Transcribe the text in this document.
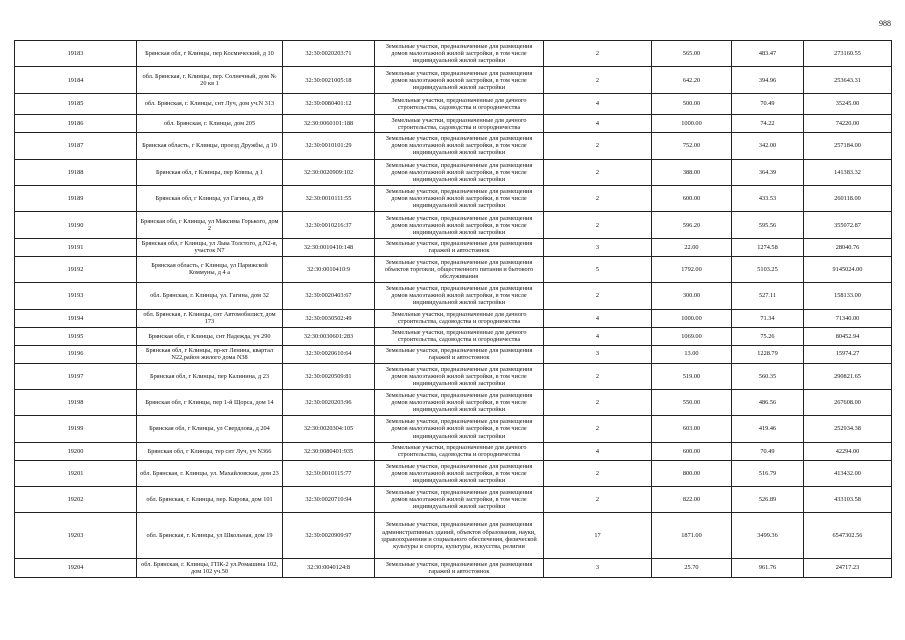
988
19183	Брянская обл, г Клинцы, пер Космический, д 10	32:30:0020203:71	Земельные участки, предназначенные для размещения домов малоэтажной жилой застройки, в том числе индивидуальной жилой застройки	2	565.00	483.47	273160.55
19184	обл. Брянская, г. Клинцы, пер. Солнечный, дом № 20 кв 1	32:30:0021005:18	Земельные участки, предназначенные для размещения домов малоэтажной жилой застройки, в том числе индивидуальной жилой застройки	2	642.20	394.96	253643.31
19185	обл. Брянская, г. Клинцы, снт Луч, дом уч.N 313	32:30:0080401:12	Земельные участки, предназначенные для дачного строительства, садоводства и огородничества	4	500.00	70.49	35245.00
19186	обл. Брянская, г. Клинцы, дом 205	32:30:0060101:188	Земельные участки, предназначенные для дачного строительства, садоводства и огородничества	4	1000.00	74.22	74220.00
19187	Брянская область, г Клинцы, проезд Дружбы, д 19	32:30:0010101:29	Земельные участки, предназначенные для размещения домов малоэтажной жилой застройки, в том числе индивидуальной жилой застройки	2	752.00	342.00	257184.00
19188	Брянская обл, г Клинцы, пер Ковпы, д 1	32:30:0020909:102	Земельные участки, предназначенные для размещения домов малоэтажной жилой застройки, в том числе индивидуальной жилой застройки	2	388.00	364.39	141383.32
19189	Брянская обл, г Клинцы, ул Гагина, д 89	32:30:0010111:55	Земельные участки, предназначенные для размещения домов малоэтажной жилой застройки, в том числе индивидуальной жилой застройки	2	600.00	433.53	260118.00
19190	Брянская обл, г Клинцы, ул Максима Горького, дом 2	32:30:0010216:37	Земельные участки, предназначенные для размещения домов малоэтажной жилой застройки, в том числе индивидуальной жилой застройки	2	596.20	595.56	355072.87
19191	Брянская обл, г Клинцы, ул Льва Толстого, д.N2-я, участок N7	32:30:0010410:148	Земельные участки, предназначенные для размещения гаражей и автостоянок	3	22.00	1274.58	28040.76
19192	Брянская область, г Клинцы, ул Парижской Коммуны, д 4 а	32:30:0010410:9	Земельные участки, предназначенные для размещения объектов торговли, общественного питания и бытового обслуживания	5	1792.00	5103.25	9145024.00
19193	обл. Брянская, г. Клинцы, ул. Гагина, дом 32	32:30:0020403:67	Земельные участки, предназначенные для размещения домов малоэтажной жилой застройки, в том числе индивидуальной жилой застройки	2	300.00	527.11	158133.00
19194	обл. Брянская, г. Клинцы, снт Автомобилист, дом 173	32:30:0030502:49	Земельные участки, предназначенные для дачного строительства, садоводства и огородничества	4	1000.00	71.34	71340.00
19195	Брянская обл, г Клинцы, снт Надежда, уч 290	32:30:0030601:283	Земельные участки, предназначенные для дачного строительства, садоводства и огородничества	4	1069.00	75.26	80452.94
19196	Брянская обл, г Клинцы, пр-кт Ленина, квартал N22,район жилого дома N38	32:30:0020610:64	Земельные участки, предназначенные для размещения гаражей и автостоянок	3	13.00	1228.79	15974.27
19197	Брянская обл, г Клинцы, пер Калинина, д 23	32:30:0020509:81	Земельные участки, предназначенные для размещения домов малоэтажной жилой застройки, в том числе индивидуальной жилой застройки	2	519.00	560.35	290821.65
19198	Брянская обл, г Клинцы, пер 1-й Щорса, дом 14	32:30:0020203:96	Земельные участки, предназначенные для размещения домов малоэтажной жилой застройки, в том числе индивидуальной жилой застройки	2	550.00	486.56	267608.00
19199	Брянская обл, г Клинцы, ул Свердлова, д 204	32:30:0020304:105	Земельные участки, предназначенные для размещения домов малоэтажной жилой застройки, в том числе индивидуальной жилой застройки	2	603.00	419.46	252934.38
19200	Брянская обл, г Клинцы, тер снт Луч, уч N366	32:30:0080401:935	Земельные участки, предназначенные для дачного строительства, садоводства и огородничества	4	600.00	70.49	42294.00
19201	обл. Брянская, г. Клинцы, ул. Махайловская, дом 23	32:30:0010115:77	Земельные участки, предназначенные для размещения домов малоэтажной жилой застройки, в том числе индивидуальной жилой застройки	2	800.00	516.79	413432.00
19202	обл. Брянская, г. Клинцы, пер. Кирова, дом 101	32:30:0020710:94	Земельные участки, предназначенные для размещения домов малоэтажной жилой застройки, в том числе индивидуальной жилой застройки	2	822.00	526.89	433103.58
19203	обл. Брянская, г. Клинцы, ул Школьная, дом 19	32:30:0020909:97	Земельные участки, предназначенные для размещения административных зданий, объектов образования, науки, здравоохранения и социального обеспечения, физической культуры и спорта, культуры, искусства, религии	17	1871.00	3499.36	6547302.56
19204	обл. Брянская, г. Клинцы, ГПК-2 ул.Ромашина 102, дом 102 уч.50	32:30:0040124:8	Земельные участки, предназначенные для размещения гаражей и автостоянок	3	25.70	961.76	24717.23
